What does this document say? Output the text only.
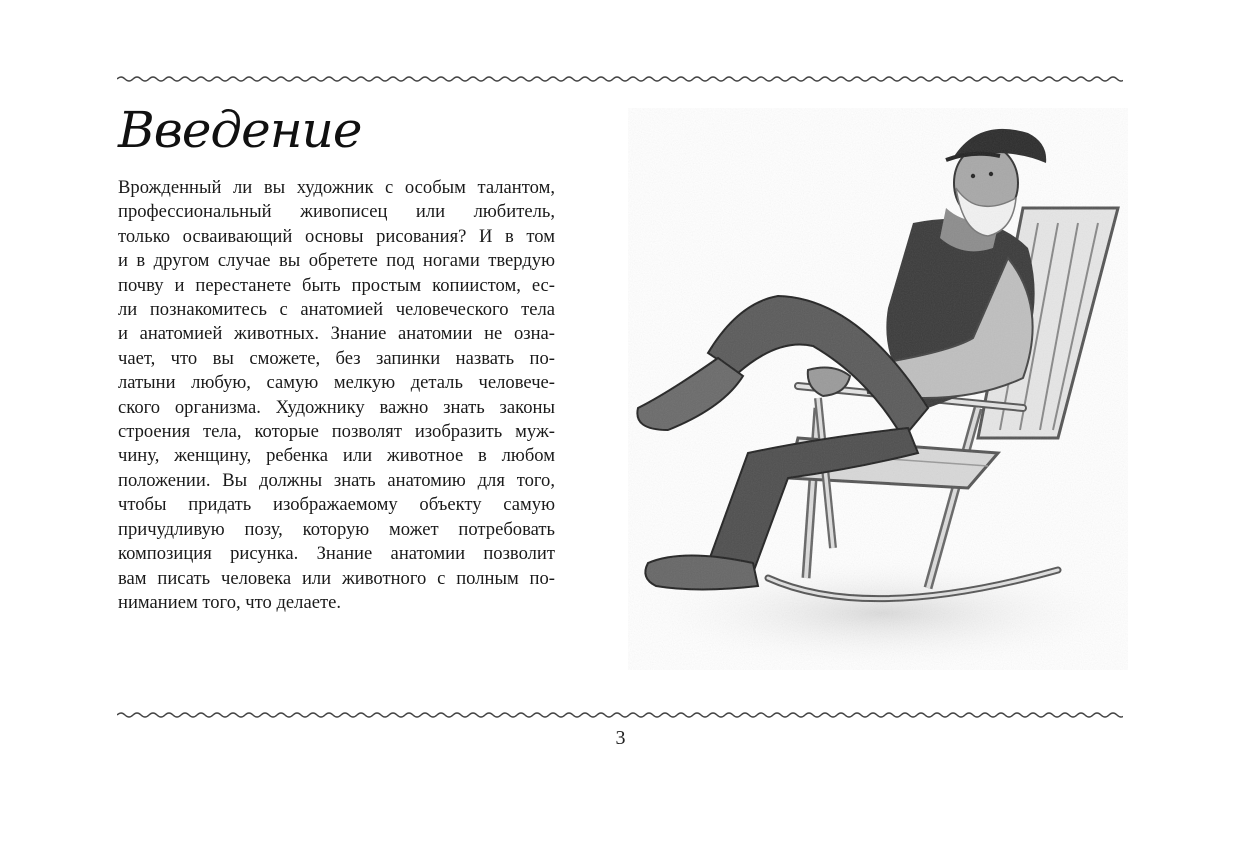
Введение
Врожденный ли вы художник с особым талантом,
профессиональный живописец или любитель,
только осваивающий основы рисования? И в том
и в другом случае вы обретете под ногами твердую
почву и перестанете быть простым копиистом, ес-
ли познакомитесь с анатомией человеческого тела
и анатомией животных. Знание анатомии не озна-
чает, что вы сможете, без запинки назвать по-
латыни любую, самую мелкую деталь человече-
ского организма. Художнику важно знать законы
строения тела, которые позволят изобразить муж-
чину, женщину, ребенка или животное в любом
положении. Вы должны знать анатомию для того,
чтобы придать изображаемому объекту самую
причудливую позу, которую может потребовать
композиция рисунка. Знание анатомии позволит
вам писать человека или животного с полным по-
ниманием того, что делаете.
3
